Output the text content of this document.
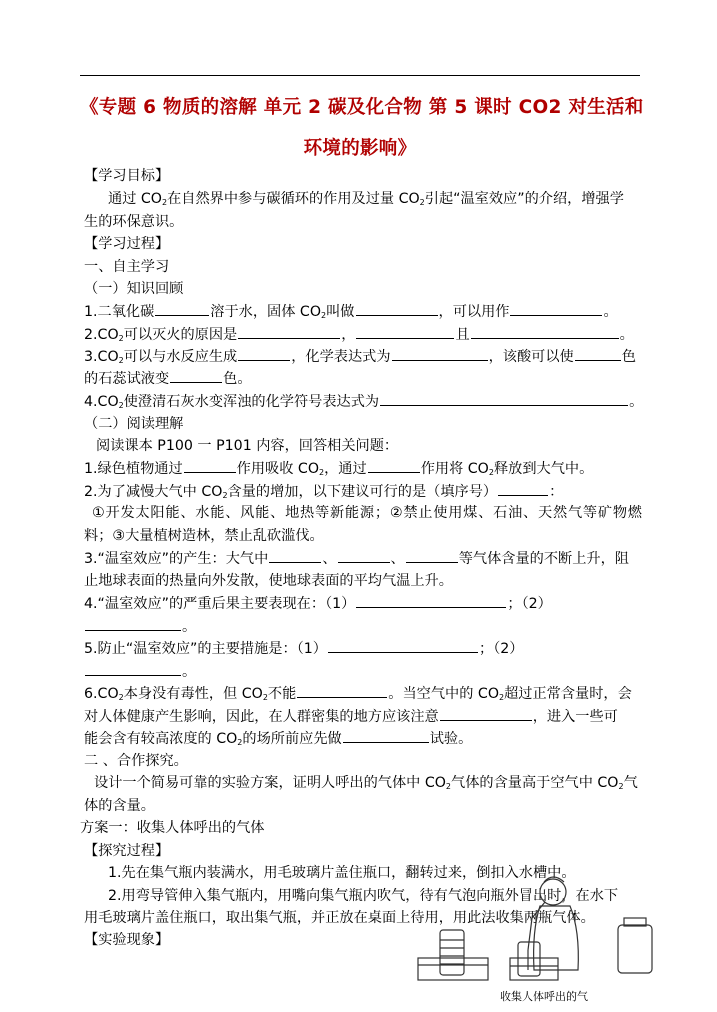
《专题 6 物质的溶解 单元 2 碳及化合物 第 5 课时 CO2 对生活和
环境的影响》
【学习目标】
通过 $CO_2$在自然界中参与碳循环的作用及过量 $CO_2$引起“温室效应”的介绍，增强学
生的环保意识。
【学习过程】
一、自主学习
（一）知识回顾
1.二氧化碳	溶于水，固体 $CO_2$叫做	，可以用作	。
$2.CO_2$可以灭火的原因是	，	且	。
$3.CO_2$可以与水反应生成	，化学表达式为	，该酸可以使	色
的石蕊试液变	色。
$4.CO_2$使澄清石灰水变浑浊的化学符号表达式为	。
（二）阅读理解
阅读课本 P100 一 P101 内容，回答相关问题：
1.绿色植物通过	作用吸收 $CO_2$，通过	作用将 $CO_2$释放到大气中。
2.为了减慢大气中 $CO_2$含量的增加，以下建议可行的是（填序号）	：
①开发太阳能、水能、风能、地热等新能源；②禁止使用煤、石油、天然气等矿物燃
料；③大量植树造林，禁止乱砍滥伐。
3.“温室效应”的产生：大气中	、	、	等气体含量的不断上升，阻
止地球表面的热量向外发散，使地球表面的平均气温上升。
4.“温室效应”的严重后果主要表现在：（1）	；（2）
。
5.防止“温室效应”的主要措施是：（1）	；（2）
。
$6.CO_2$本身没有毒性，但 $CO_2$不能	。当空气中的 $CO_2$超过正常含量时，会
对人体健康产生影响，因此，在人群密集的地方应该注意	，进入一些可
能会含有较高浓度的 $CO_2$的场所前应先做	试验。
二 、合作探究。
设计一个简易可靠的实验方案，证明人呼出的气体中 $CO_2$气体的含量高于空气中 $CO_2$气
体的含量。
方案一：收集人体呼出的气体
【探究过程】
1.先在集气瓶内装满水，用毛玻璃片盖住瓶口，翻转过来，倒扣入水槽中。
2.用弯导管伸入集气瓶内，用嘴向集气瓶内吹气，待有气泡向瓶外冒出时，在水下
用毛玻璃片盖住瓶口，取出集气瓶，并正放在桌面上待用，用此法收集两瓶气体。
【实验现象】
收集人体呼出的气
